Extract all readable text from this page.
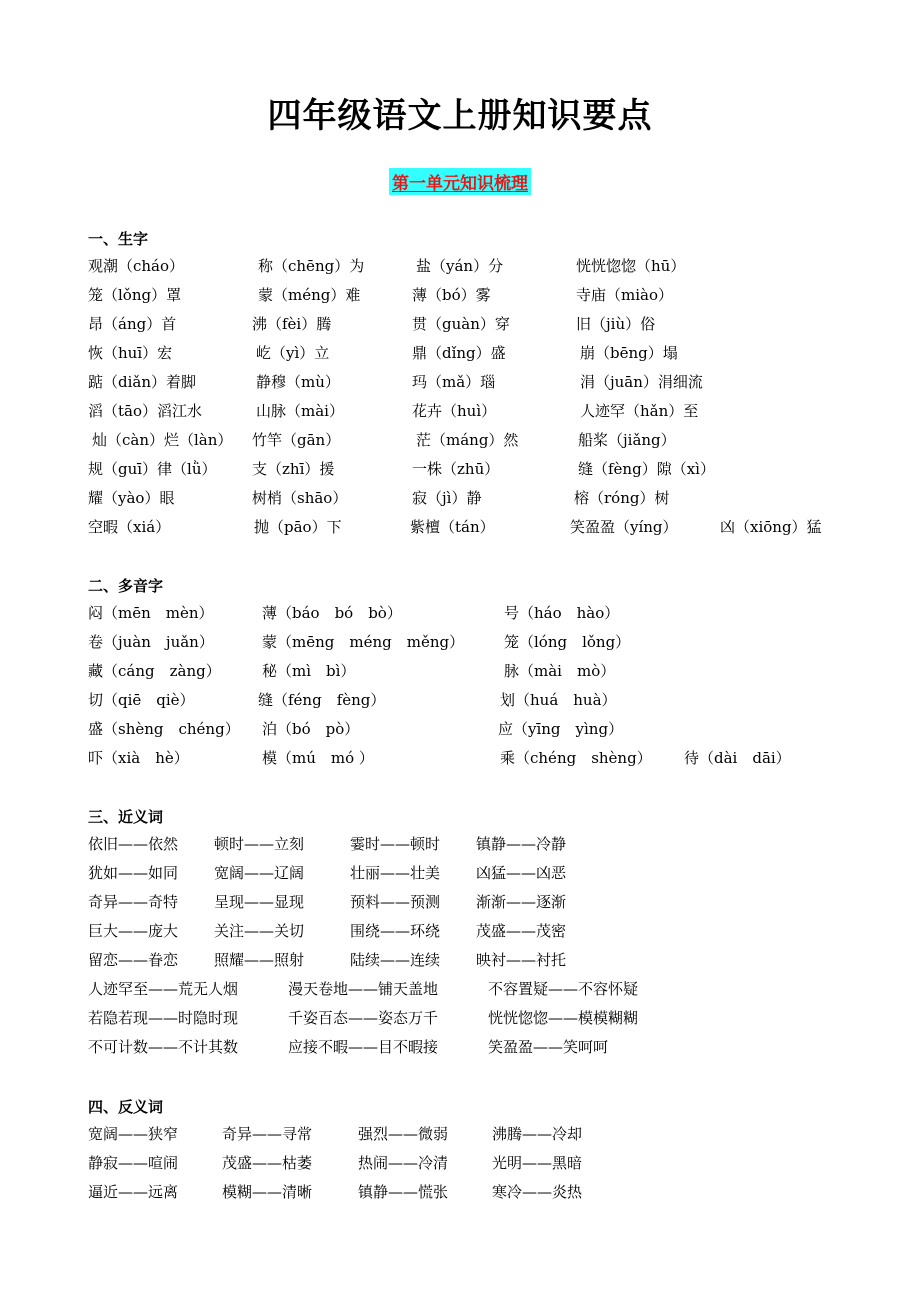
四年级语文上册知识要点
第一单元知识梳理
一、生字
观潮（cháo）	称（chēng）为	盐（yán）分	恍恍惚惚（hū）
笼（lǒng）罩	蒙（méng）难	薄（bó）雾	寺庙（miào）
昂（áng）首	沸（fèi）腾	贯（guàn）穿	旧（jiù）俗
恢（huī）宏	屹（yì）立	鼎（dǐng）盛	崩（bēng）塌
踮（diǎn）着脚	静穆（mù）	玛（mǎ）瑙	涓（juān）涓细流
滔（tāo）滔江水	山脉（mài）	花卉（huì）	人迹罕（hǎn）至
灿（càn）烂（làn） 竹竿（gān）	茫（máng）然	船桨（jiǎng）
规（guī）律（lǜ） 支（zhī）援	一株（zhū）	缝（fèng）隙（xì）
耀（yào）眼	树梢（shāo）	寂（jì）静	榕（róng）树
空暇（xiá）	抛（pāo）下	紫檀（tán）	笑盈盈（yíng）	凶（xiōng）猛
二、多音字
闷（mēn　mèn）	薄（báo　bó　bò）	号（háo　hào）
卷（juàn　juǎn）	蒙（mēng　méng　měng）	笼（lóng　lǒng）
藏（cáng　zàng）	秘（mì　bì）	脉（mài　mò）
切（qiē　qiè）	缝（féng　fèng）	划（huá　huà）
盛（shèng　chéng） 泊（bó　pò）	应（yīng　yìng）
吓（xià　hè）	模（mú　mó ）	乘（chéng　shèng） 待（dài　dāi）
三、近义词
依旧——依然 顿时——立刻	霎时——顿时 镇静——冷静
犹如——如同 宽阔——辽阔	壮丽——壮美 凶猛——凶恶
奇异——奇特 呈现——显现	预料——预测 渐渐——逐渐
巨大——庞大 关注——关切	围绕——环绕 茂盛——茂密
留恋——眷恋 照耀——照射	陆续——连续 映衬——衬托
人迹罕至——荒无人烟	漫天卷地——铺天盖地	不容置疑——不容怀疑
若隐若现——时隐时现	千姿百态——姿态万千	恍恍惚惚——模模糊糊
不可计数——不计其数	应接不暇——目不暇接	笑盈盈——笑呵呵
四、反义词
宽阔——狭窄	奇异——寻常	强烈——微弱	沸腾——冷却
静寂——喧闹	茂盛——枯萎	热闹——冷清	光明——黑暗
逼近——远离	模糊——清晰	镇静——慌张	寒冷——炎热
